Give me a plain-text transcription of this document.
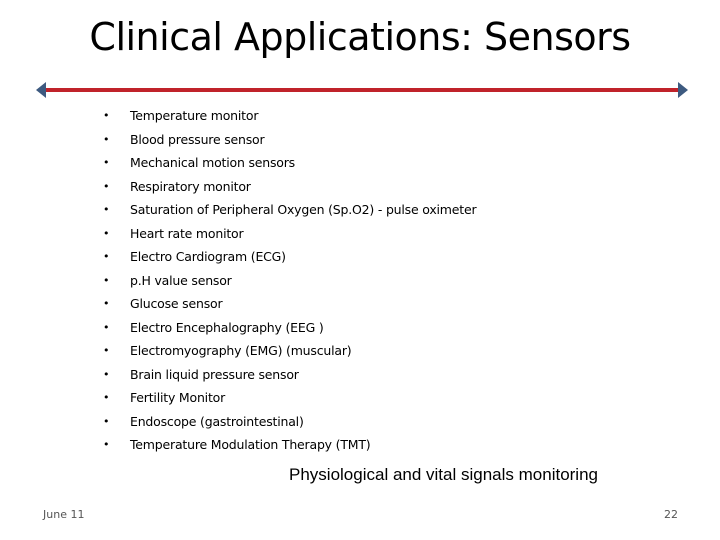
Clinical Applications: Sensors
•	Temperature monitor
•	Blood pressure sensor
•	Mechanical motion sensors
•	Respiratory monitor
•	Saturation of Peripheral Oxygen (Sp.O2) - pulse oximeter
•	Heart rate monitor
•	Electro Cardiogram (ECG)
•	p.H value sensor
•	Glucose sensor
•	Electro Encephalography (EEG )
•	Electromyography (EMG) (muscular)
•	Brain liquid pressure sensor
•	Fertility Monitor
•	Endoscope (gastrointestinal)
•	Temperature Modulation Therapy (TMT)
Physiological and vital signals monitoring
June 11	22
